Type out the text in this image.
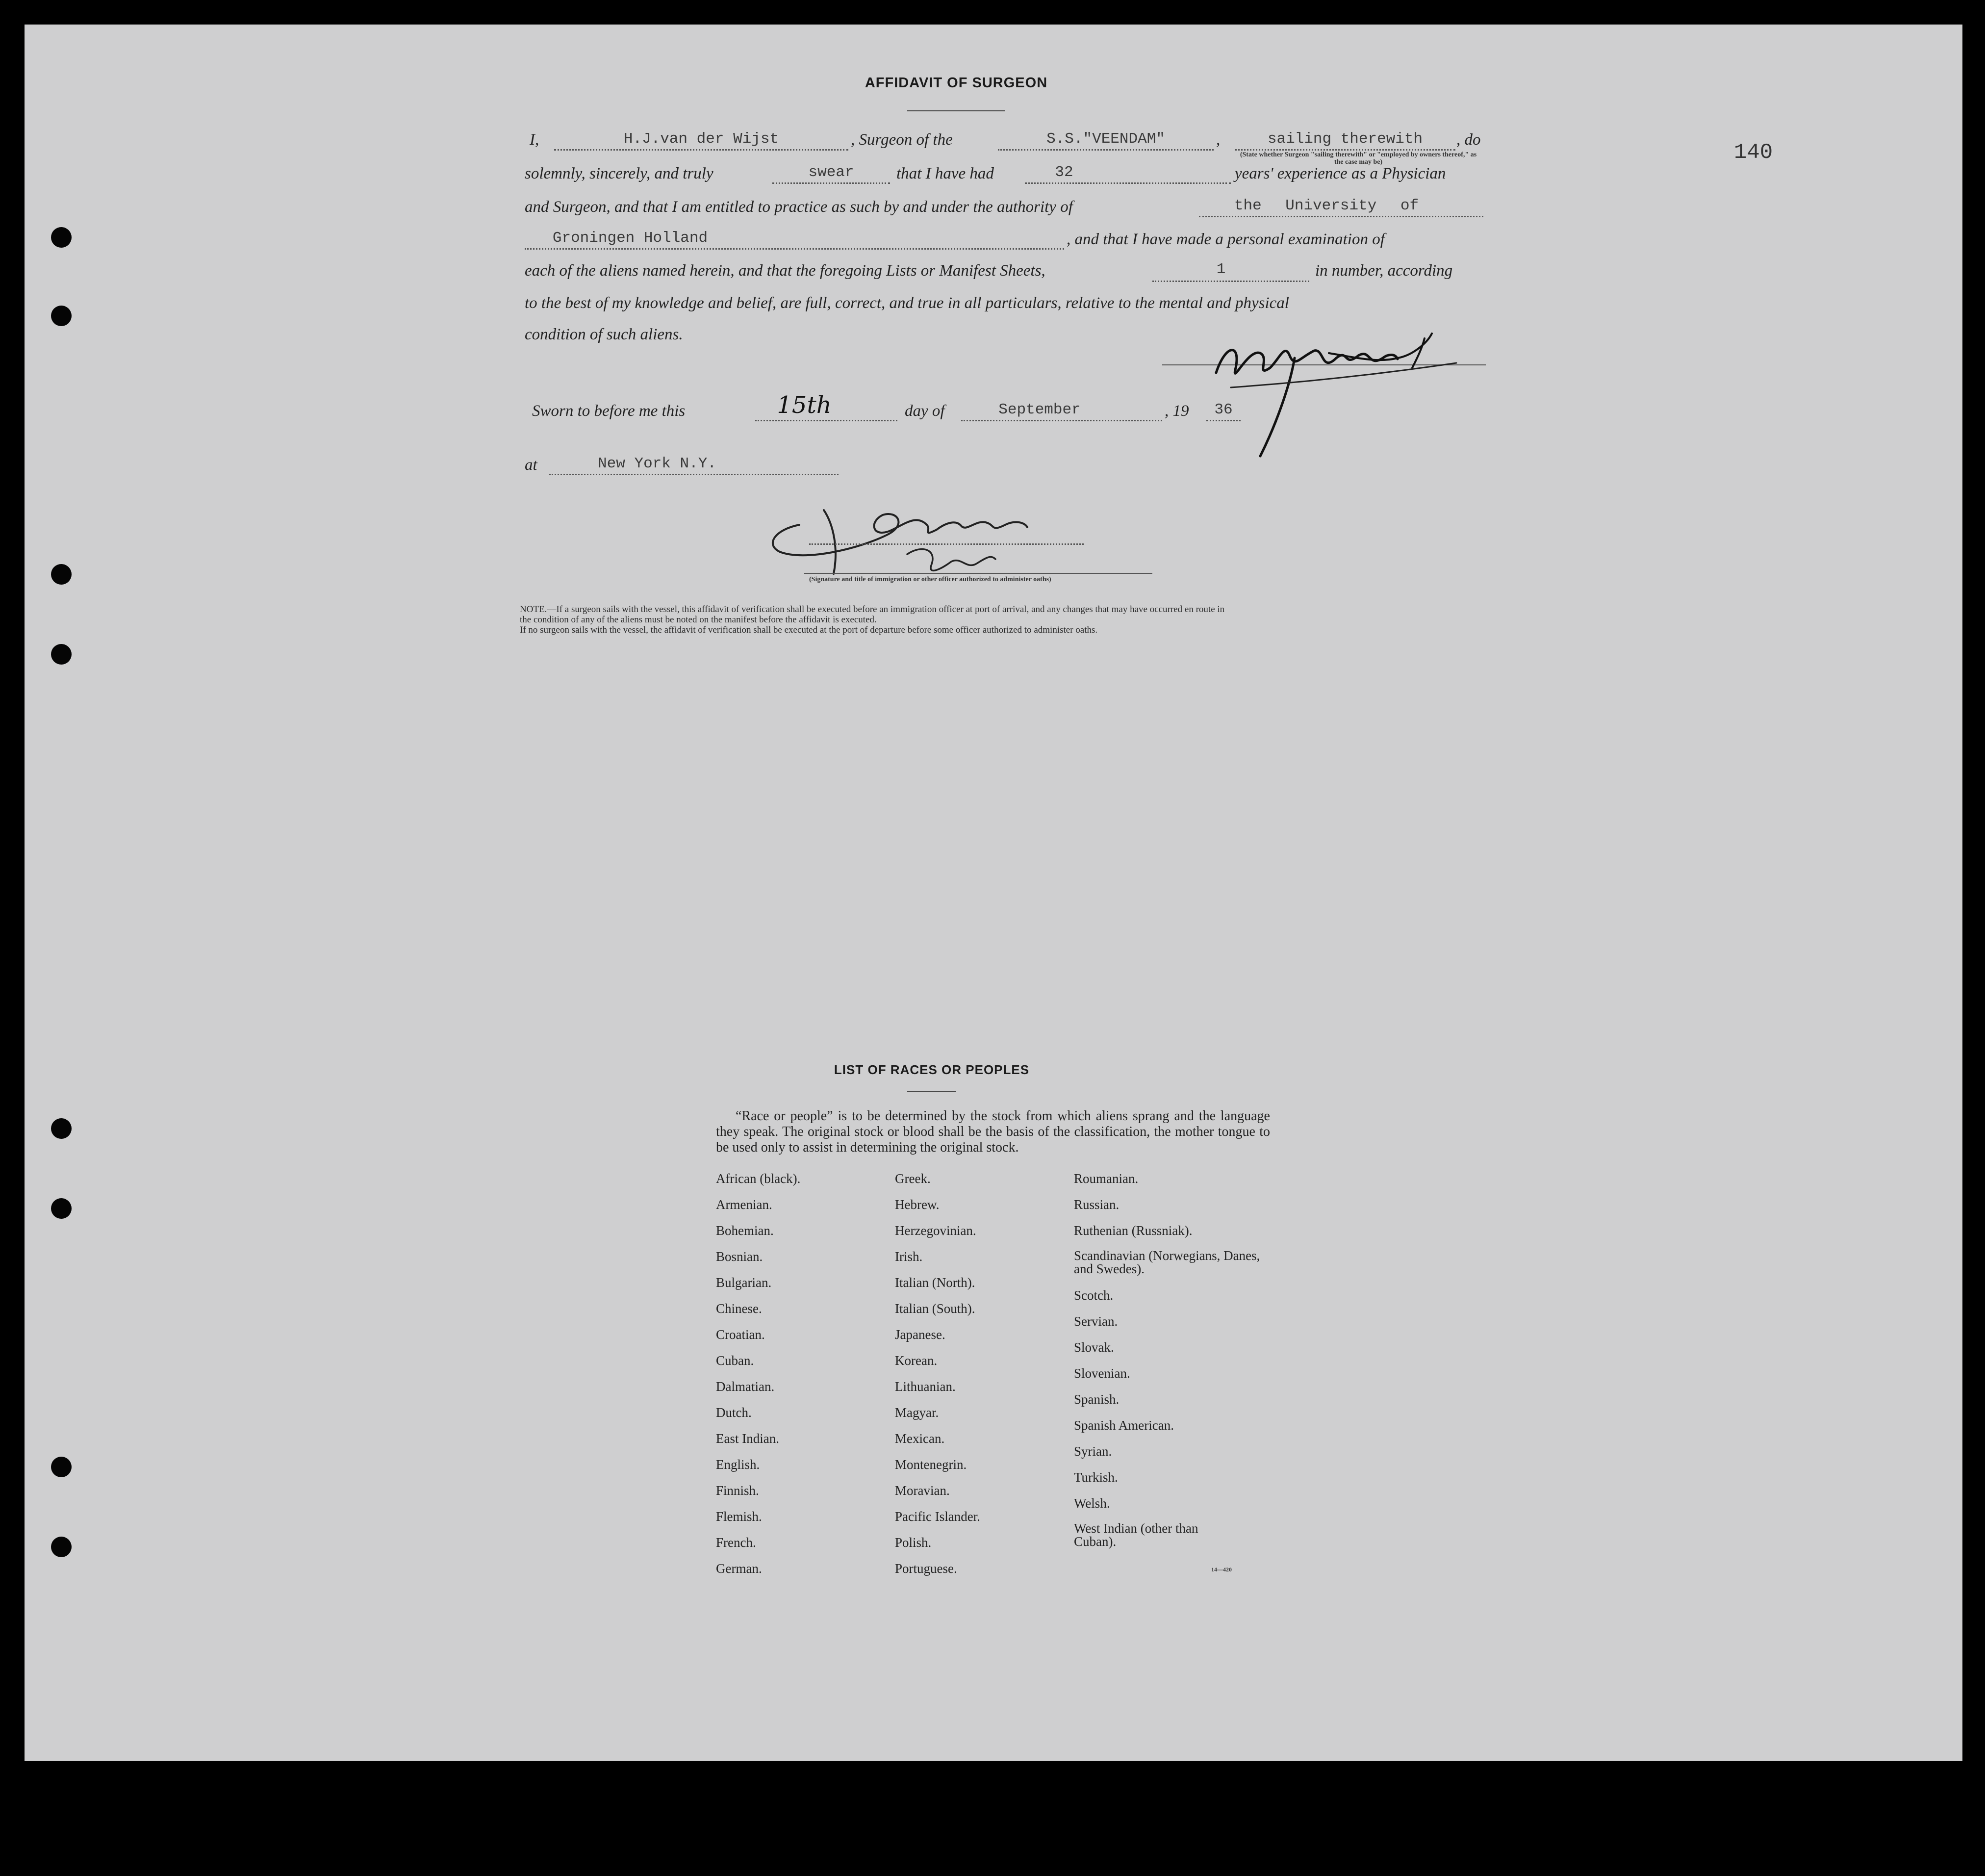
140
AFFIDAVIT OF SURGEON
I,	H.J.van der Wijst	, Surgeon of the	S.S."VEENDAM"	,	sailing therewith	, do
(State whether Surgeon "sailing therewith" or "employed by owners thereof," as the case may be)
solemnly, sincerely, and truly	swear	that I have had	32	years' experience as a Physician
and Surgeon, and that I am entitled to practice as such by and under the authority of	the University of
Groningen Holland	, and that I have made a personal examination of
each of the aliens named herein, and that the foregoing Lists or Manifest Sheets,	1	in number, according
to the best of my knowledge and belief, are full, correct, and true in all particulars, relative to the mental and physical
condition of such aliens.
Sworn to before me this	15th	day of	September	, 19	36
at	New York N.Y.
(Signature and title of immigration or other officer authorized to administer oaths)
NOTE.—If a surgeon sails with the vessel, this affidavit of verification shall be executed before an immigration officer at port of arrival, and any changes that may have occurred en route in
the condition of any of the aliens must be noted on the manifest before the affidavit is executed.
If no surgeon sails with the vessel, the affidavit of verification shall be executed at the port of departure before some officer authorized to administer oaths.
LIST OF RACES OR PEOPLES
“Race or people” is to be determined by the stock from which aliens sprang and the language they speak. The original stock or blood shall be the basis of the classification, the mother tongue to be used only to assist in determining the original stock.
African (black).
Armenian.
Bohemian.
Bosnian.
Bulgarian.
Chinese.
Croatian.
Cuban.
Dalmatian.
Dutch.
East Indian.
English.
Finnish.
Flemish.
French.
German.
Greek.
Hebrew.
Herzegovinian.
Irish.
Italian (North).
Italian (South).
Japanese.
Korean.
Lithuanian.
Magyar.
Mexican.
Montenegrin.
Moravian.
Pacific Islander.
Polish.
Portuguese.
Roumanian.
Russian.
Ruthenian (Russniak).
Scandinavian (Norwegians, Danes, and Swedes).
Scotch.
Servian.
Slovak.
Slovenian.
Spanish.
Spanish American.
Syrian.
Turkish.
Welsh.
West Indian (other than Cuban).
14—420
